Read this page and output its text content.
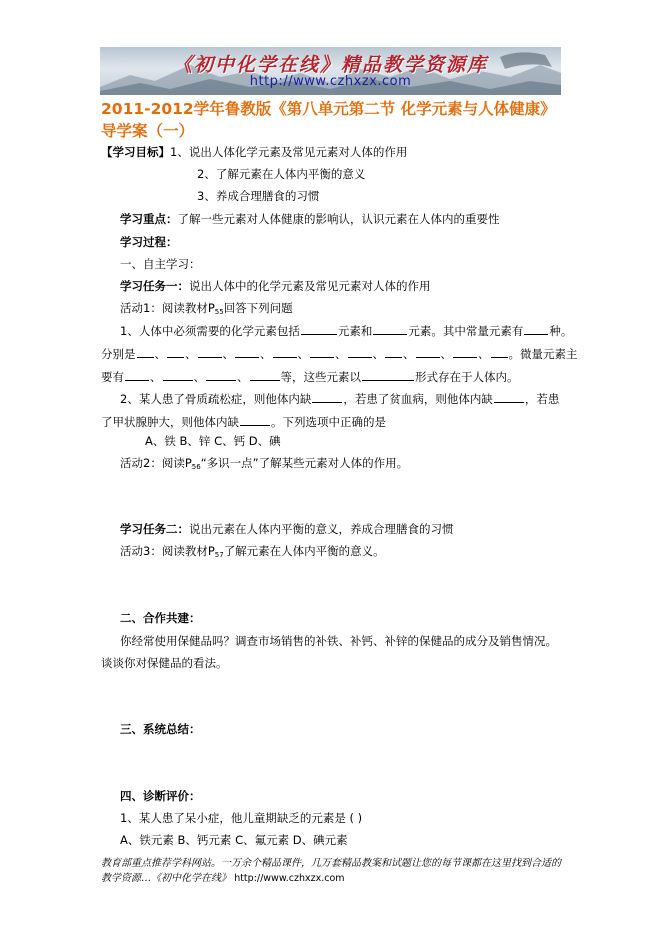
《初中化学在线》精品教学资源库
http://www.czhxzx.com
2011-2012学年鲁教版《第八单元第二节 化学元素与人体健康》导学案（一）
【学习目标】1、说出人体化学元素及常见元素对人体的作用
2、了解元素在人体内平衡的意义
3、养成合理膳食的习惯
学习重点：了解一些元素对人体健康的影响认，认识元素在人体内的重要性
学习过程：
一、自主学习：
学习任务一：说出人体中的化学元素及常见元素对人体的作用
活动1：阅读教材$P_{55}$回答下列问题
1、人体中必须需要的化学元素包括	元素和	元素。其中常量元素有 种。
分别是 、 、 、 、 、 、 、 、 、 、 。微量元素主
要有 、	、	、	等，这些元素以	形式存在于人体内。
2、某人患了骨质疏松症，则他体内缺	，若患了贫血病，则他体内缺	，若患
了甲状腺肿大，则他体内缺	。下列选项中正确的是
A、铁 B、锌 C、钙 D、碘
活动2：阅读$P_{56}“$多识一点”了解某些元素对人体的作用。
学习任务二：说出元素在人体内平衡的意义，养成合理膳食的习惯
活动3：阅读教材$P_{57}$了解元素在人体内平衡的意义。
二、合作共建：
你经常使用保健品吗？调查市场销售的补铁、补钙、补锌的保健品的成分及销售情况。
谈谈你对保健品的看法。
三、系统总结：
四、诊断评价：
1、某人患了呆小症，他儿童期缺乏的元素是 ( )
A、铁元素 B、钙元素 C、氟元素 D、碘元素
教育部重点推荐学科网站。一万余个精品课件，几万套精品教案和试题让您的每节课都在这里找到合适的
教学资源…《初中化学在线》 http://www.czhxzx.com
